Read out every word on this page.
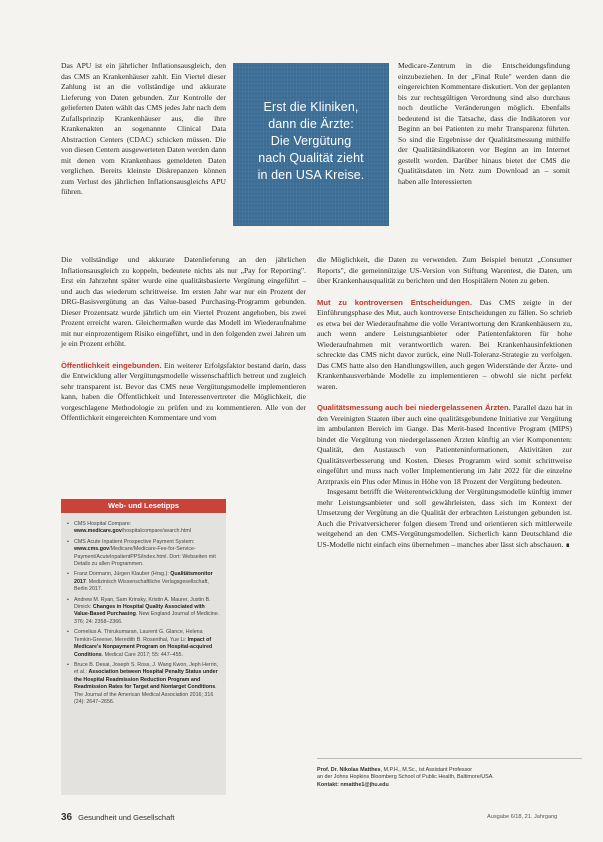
Das APU ist ein jährlicher Inflationsausgleich, den das CMS an Krankenhäuser zahlt. Ein Viertel dieser Zahlung ist an die vollständige und akkurate Lieferung von Daten gebunden. Zur Kontrolle der gelieferten Daten wählt das CMS jedes Jahr nach dem Zufallsprinzip Krankenhäuser aus, die ihre Krankenakten an sogenannte Clinical Data Abstraction Centers (CDAC) schicken müssen. Die von diesen Centern ausgewerteten Daten werden dann mit denen vom Krankenhaus gemeldeten Daten verglichen. Bereits kleinste Diskrepanzen können zum Verlust des jährlichen Inflationsausgleichs APU führen.

Die vollständige und akkurate Datenlieferung an den jährlichen Inflationsausgleich zu koppeln, bedeutete nichts als nur „Pay for Reporting". Erst ein Jahrzehnt später wurde eine qualitätsbasierte Vergütung eingeführt – und auch das wiederum schrittweise. Im ersten Jahr war nur ein Prozent der DRG-Basisvergütung an das Value-based Purchasing-Programm gebunden. Dieser Prozentsatz wurde jährlich um ein Viertel Prozent angehoben, bis zwei Prozent erreicht waren. Gleichermaßen wurde das Modell im Wiederaufnahme mit nur einprozentigem Risiko eingeführt, und in den folgenden zwei Jahren um je ein Prozent erhöht.

Öffentlichkeit eingebunden. Ein weiterer Erfolgsfaktor bestand darin, dass die Entwicklung aller Vergütungsmodelle wissenschaftlich betreut und zugleich sehr transparent ist. Bevor das CMS neue Vergütungsmodelle implementieren kann, haben die Öffentlichkeit und Interessenvertreter die Möglichkeit, die vorgeschlagene Methodologie zu prüfen und zu kommentieren. Alle von der Öffentlichkeit eingereichten Kommentare und vom

Erst die Kliniken,
dann die Ärzte:
Die Vergütung
nach Qualität zieht
in den USA Kreise.

Medicare-Zentrum in die Entscheidungsfindung einzubeziehen. In der „Final Rule" werden dann die eingereichten Kommentare diskutiert. Von der geplanten bis zur rechtsgültigen Verordnung sind also durchaus noch deutliche Veränderungen möglich. Ebenfalls bedeutend ist die Tatsache, dass die Indikatoren vor Beginn an bei Patienten zu mehr Transparenz führten. So sind die Ergebnisse der Qualitätsmessung mithilfe der Qualitätsindikatoren vor Beginn an im Internet gestellt worden. Darüber hinaus bietet der CMS die Qualitätsdaten im Netz zum Download an – somit haben alle Interessierten

die Möglichkeit, die Daten zu verwenden. Zum Beispiel benutzt „Consumer Reports", die gemeinnützige US-Version von Stiftung Warentest, die Daten, um über Krankenhausqualität zu berichten und den Hospitälern Noten zu geben.

Mut zu kontroversen Entscheidungen. Das CMS zeigte in der Einführungsphase des Mut, auch kontroverse Entscheidungen zu fällen. So schrieb es etwa bei der Wiederaufnahme die volle Verantwortung den Krankenhäusern zu, auch wenn andere Leistungsanbieter oder Patientenfaktoren für hohe Wiederaufnahmen mit verantwortlich waren. Bei Krankenhausinfektionen schreckte das CMS nicht davor zurück, eine Null-Toleranz-Strategie zu verfolgen. Das CMS hatte also den Handlungswillen, auch gegen Widerstände der Ärzte- und Krankenhausverbände Modelle zu implementieren – obwohl sie nicht perfekt waren.

Qualitätsmessung auch bei niedergelassenen Ärzten. Parallel dazu hat in den Vereinigten Staaten über auch eine qualitätsgebundene Initiative zur Vergütung im ambulanten Bereich im Gange. Das Merit-based Incentive Program (MIPS) bindet die Vergütung von niedergelassenen Ärzten künftig an vier Komponenten: Qualität, den Austausch von Patienteninformationen, Aktivitäten zur Qualitätsverbesserung und Kosten. Dieses Programm wird somit schrittweise eingeführt und muss nach voller Implementierung im Jahr 2022 für die einzelne Arztpraxis ein Plus oder Minus in Höhe von 18 Prozent der Vergütung bedeuten.

Insgesamt betrifft die Weiterentwicklung der Vergütungsmodelle künftig immer mehr Leistungsanbieter und soll gewährleisten, dass sich im Kontext der Umsetzung der Vergütung an die Qualität der erbrachten Leistungen gebunden ist. Auch die Privatversicherer folgen diesem Trend und orientieren sich mittlerweile weitgehend an den CMS-Vergütungsmodellen. Sicherlich kann Deutschland die US-Modelle nicht einfach eins übernehmen – manches aber lässt sich abschauen. ∎

Web- und Lesetipps
▪ CMS Hospital Compare: www.medicare.gov/hospitalcompare/search.html
▪ CMS Acute Inpatient Prospective Payment System: www.cms.gov/Medicare/Medicare-Fee-for-Service-Payment/AcuteInpatientPPS/index.html. Dort: Webseiten mit Details zu allen Programmen.
▪ Franz Dormann, Jürgen Klauber (Hrsg.): Qualitätsmonitor 2017. Medizinisch Wissenschaftliche Verlagsgesellschaft, Berlin 2017.
▪ Andrew M. Ryan, Sam Krinsky, Kristin A. Maurer, Justin B. Dimick: Changes in Hospital Quality Associated with Value-Based Purchasing. New England Journal of Medicine. 376; 24: 2358–2366.
▪ Cornelius A. Thirukumaran, Laurent G. Glance, Helena Temkin-Greener, Meredith B. Rosenthal, Yue Li: Impact of Medicare's Nonpayment Program on Hospital-acquired Conditions. Medical Care 2017; 55: 447–455.
▪ Bruce B. Desai, Joseph S. Ross, J. Wang Kwon, Jeph Herrin, et al.: Association between Hospital Penalty Status under the Hospital Readmission Reduction Program and Readmission Rates for Target and Nontarget Conditions. The Journal of the American Medical Association 2016; 316 (24): 2647–2656.
Prof. Dr. Nikolas Matthes, M.P.H., M.Sc., ist Assistant Professor
an der Johns Hopkins Bloomberg School of Public Health, Baltimore/USA.
Kontakt: nmatthe1@jhu.edu
36 Gesundheit und Gesellschaft	Ausgabe 6/18, 21. Jahrgang
